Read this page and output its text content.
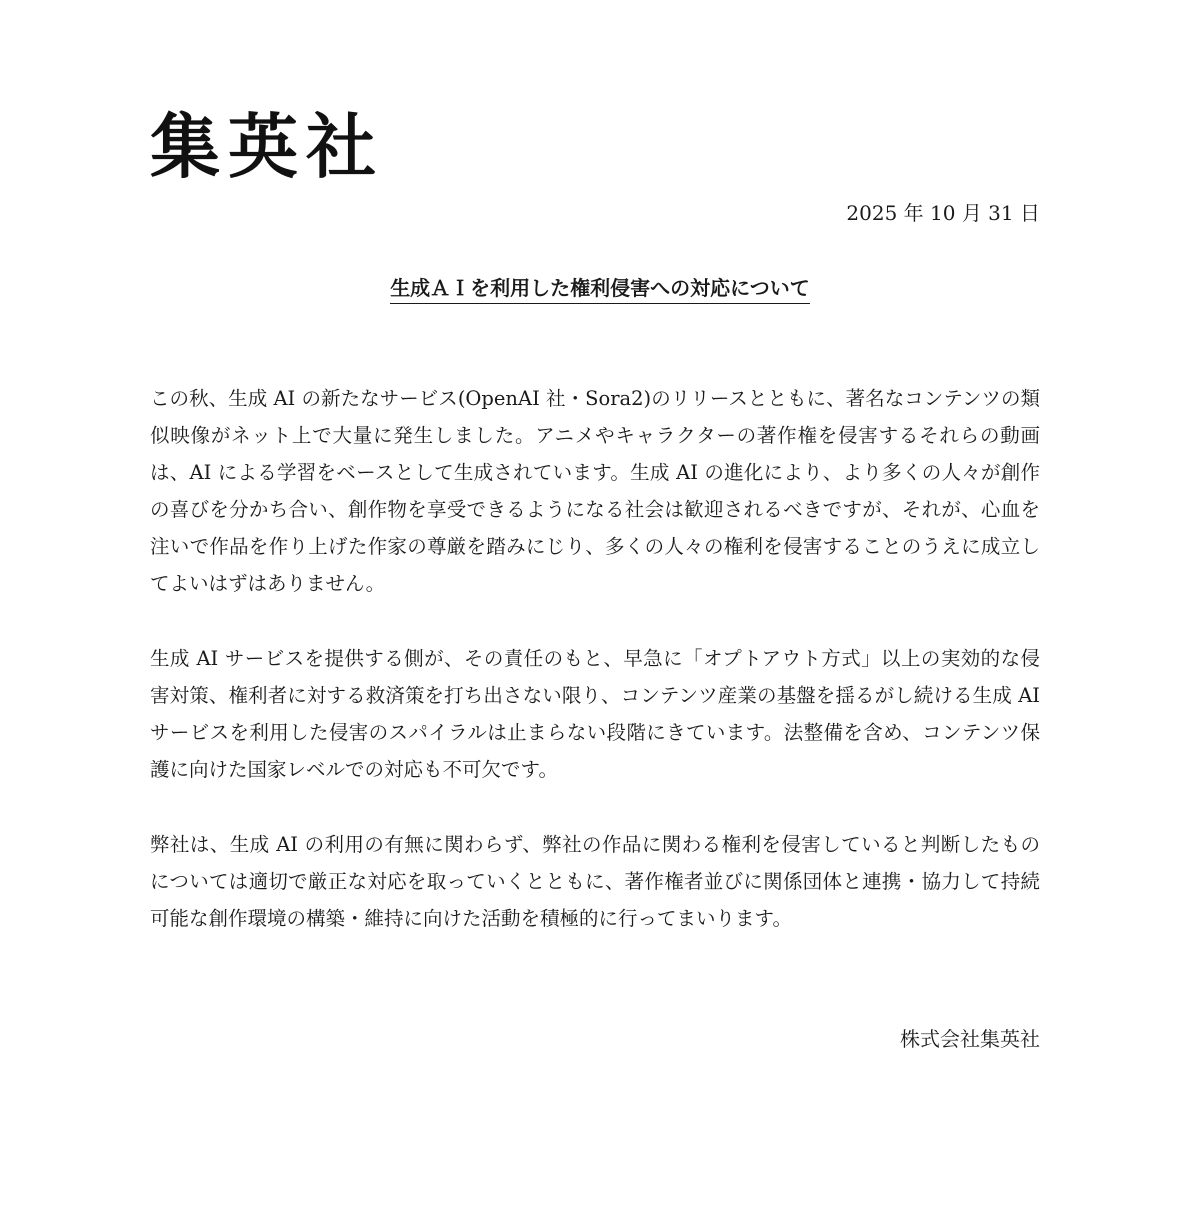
集英社
2025 年 10 月 31 日
生成ＡＩを利用した権利侵害への対応について

この秋、生成 AI の新たなサービス(OpenAI 社・Sora2)のリリースとともに、著名なコンテンツの類似映像がネット上で大量に発生しました。アニメやキャラクターの著作権を侵害するそれらの動画は、AI による学習をベースとして生成されています。生成 AI の進化により、より多くの人々が創作の喜びを分かち合い、創作物を享受できるようになる社会は歓迎されるべきですが、それが、心血を注いで作品を作り上げた作家の尊厳を踏みにじり、多くの人々の権利を侵害することのうえに成立してよいはずはありません。

生成 AI サービスを提供する側が、その責任のもと、早急に「オプトアウト方式」以上の実効的な侵害対策、権利者に対する救済策を打ち出さない限り、コンテンツ産業の基盤を揺るがし続ける生成 AI サービスを利用した侵害のスパイラルは止まらない段階にきています。法整備を含め、コンテンツ保護に向けた国家レベルでの対応も不可欠です。

弊社は、生成 AI の利用の有無に関わらず、弊社の作品に関わる権利を侵害していると判断したものについては適切で厳正な対応を取っていくとともに、著作権者並びに関係団体と連携・協力して持続可能な創作環境の構築・維持に向けた活動を積極的に行ってまいります。

株式会社集英社
